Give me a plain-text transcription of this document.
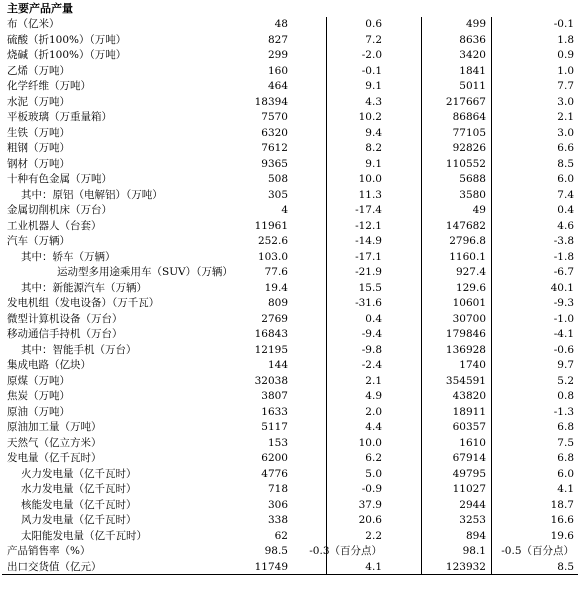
主要产品产量
布（亿米）	48	0.6	499	-0.1
硫酸（折100%）（万吨）	827	7.2	8636	1.8
烧碱（折100%）（万吨）	299	-2.0	3420	0.9
乙烯（万吨）	160	-0.1	1841	1.0
化学纤维（万吨）	464	9.1	5011	7.7
水泥（万吨）	18394	4.3	217667	3.0
平板玻璃（万重量箱）	7570	10.2	86864	2.1
生铁（万吨）	6320	9.4	77105	3.0
粗钢（万吨）	7612	8.2	92826	6.6
钢材（万吨）	9365	9.1	110552	8.5
十种有色金属（万吨）	508	10.0	5688	6.0
其中：原铝（电解铝）（万吨）	305	11.3	3580	7.4
金属切削机床（万台）	4	-17.4	49	0.4
工业机器人（台套）	11961	-12.1	147682	4.6
汽车（万辆）	252.6	-14.9	2796.8	-3.8
其中：轿车（万辆）	103.0	-17.1	1160.1	-1.8
运动型多用途乘用车（SUV）（万辆）	77.6	-21.9	927.4	-6.7
其中：新能源汽车（万辆）	19.4	15.5	129.6	40.1
发电机组（发电设备）（万千瓦）	809	-31.6	10601	-9.3
微型计算机设备（万台）	2769	0.4	30700	-1.0
移动通信手持机（万台）	16843	-9.4	179846	-4.1
其中：智能手机（万台）	12195	-9.8	136928	-0.6
集成电路（亿块）	144	-2.4	1740	9.7
原煤（万吨）	32038	2.1	354591	5.2
焦炭（万吨）	3807	4.9	43820	0.8
原油（万吨）	1633	2.0	18911	-1.3
原油加工量（万吨）	5117	4.4	60357	6.8
天然气（亿立方米）	153	10.0	1610	7.5
发电量（亿千瓦时）	6200	6.2	67914	6.8
火力发电量（亿千瓦时）	4776	5.0	49795	6.0
水力发电量（亿千瓦时）	718	-0.9	11027	4.1
核能发电量（亿千瓦时）	306	37.9	2944	18.7
风力发电量（亿千瓦时）	338	20.6	3253	16.6
太阳能发电量（亿千瓦时）	62	2.2	894	19.6
产品销售率（%）	98.5 -0.3（百分点）	98.1 -0.5（百分点）
出口交货值（亿元）	11749	4.1	123932	8.5
